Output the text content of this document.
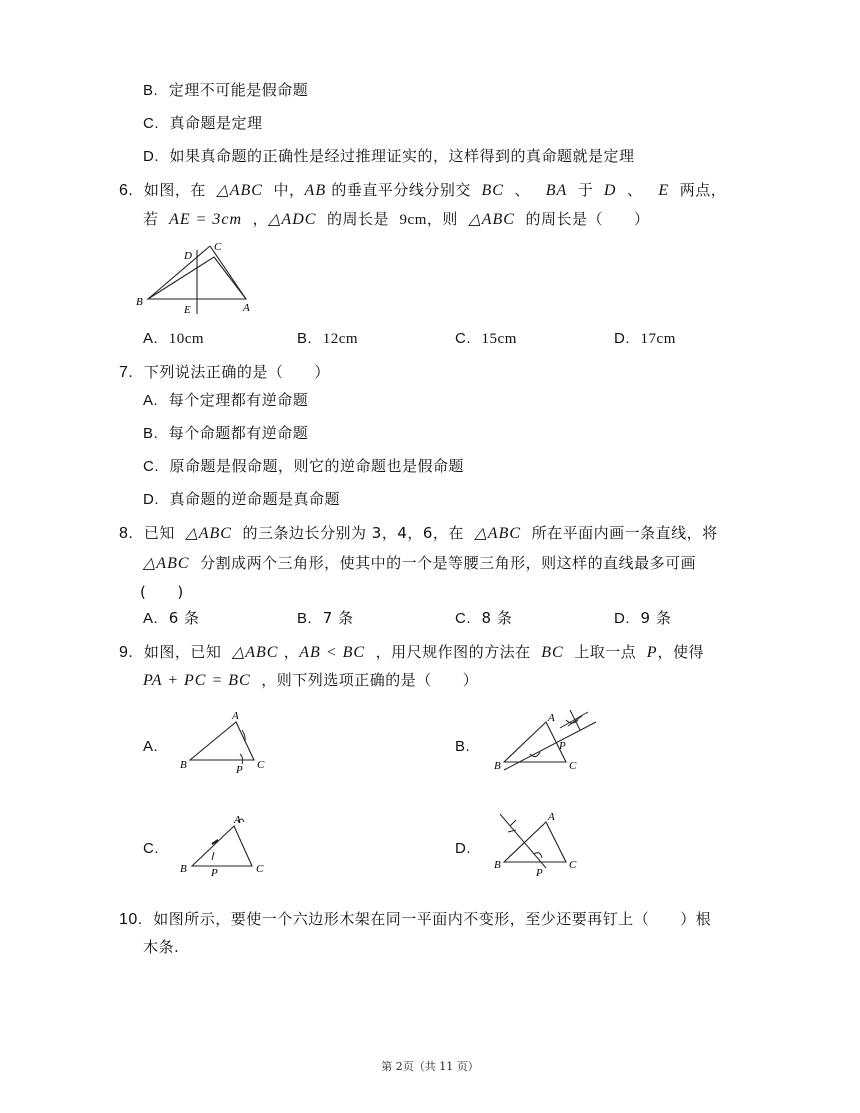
B. 定理不可能是假命题
C. 真命题是定理
D. 如果真命题的正确性是经过推理证实的，这样得到的真命题就是定理
6. 如图，在 △ABC 中，AB 的垂直平分线分别交 BC 、 BA 于 D 、 E 两点，
若 AE = 3cm ，△ADC 的周长是 9cm，则 △ABC 的周长是（　　）
D
C
B
E	A
A. 10cm	B. 12cm	C. 15cm	D. 17cm
7. 下列说法正确的是（　　）
A. 每个定理都有逆命题
B. 每个命题都有逆命题
C. 原命题是假命题，则它的逆命题也是假命题
D. 真命题的逆命题是真命题
8. 已知 △ABC 的三条边长分别为 3，4，6，在 △ABC 所在平面内画一条直线，将
△ABC 分割成两个三角形，使其中的一个是等腰三角形，则这样的直线最多可画
(　　)
A. 6 条	B. 7 条	C. 8 条	D. 9 条
9. 如图，已知 △ABC ，AB < BC ，用尺规作图的方法在 BC 上取一点 P，使得
PA + PC = BC ，则下列选项正确的是（　　）
A.
A
B	P C
B.
A
P
B	C
C.
A
B P	C
D.
A
B
P
C
10. 如图所示，要使一个六边形木架在同一平面内不变形，至少还要再钉上（　　）根
木条.
第 2页（共 11 页）
